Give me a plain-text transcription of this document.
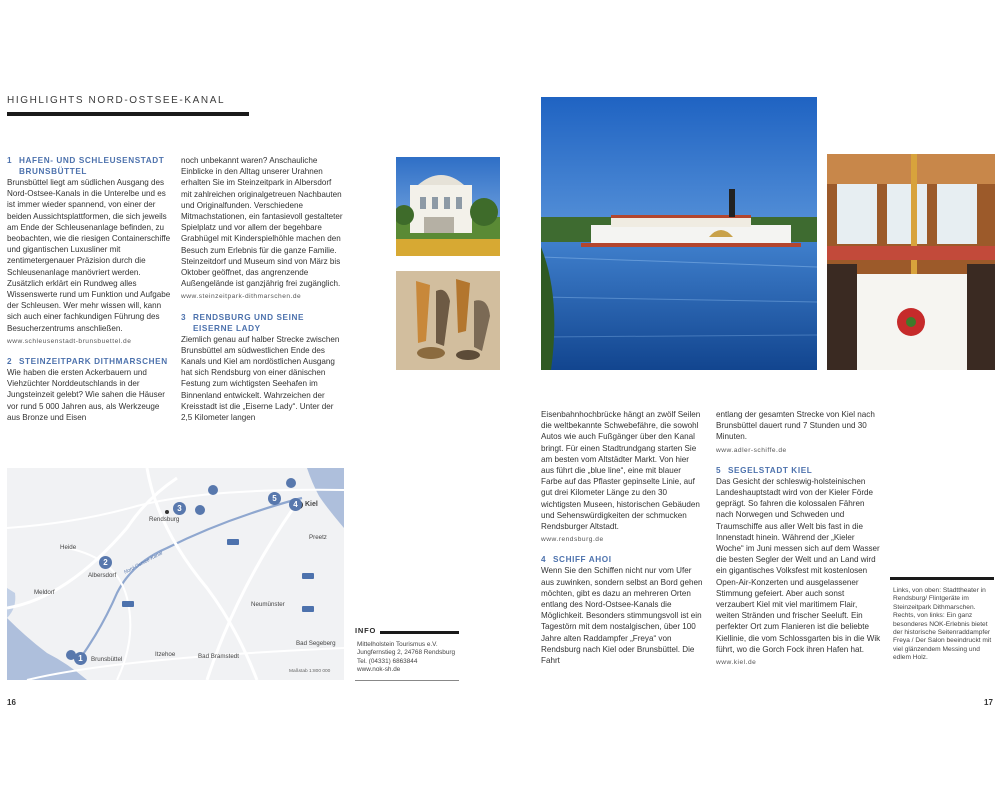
HIGHLIGHTS NORD-OSTSEE-KANAL
1 HAFEN- UND SCHLEUSENSTADT
BRUNSBÜTTEL

Brunsbüttel liegt am südlichen Ausgang des Nord-Ostsee-Kanals in die Unterelbe und es ist immer wieder spannend, von einer der beiden Aussichtsplattformen, die sich jeweils am Ende der Schleusenanlage befinden, zu beobachten, wie die riesigen Containerschiffe und gigantischen Luxusliner mit zentimetergenauer Präzision durch die Schleusenanlage manövriert werden. Zusätzlich erklärt ein Rundweg alles Wissenswerte rund um Funktion und Aufgabe der Schleusen. Wer mehr wissen will, kann sich auch einer fachkundigen Führung des Besucherzentrums anschließen.

www.schleusenstadt-brunsbuettel.de

2 STEINZEITPARK DITHMARSCHEN

Wie haben die ersten Ackerbauern und Viehzüchter Norddeutschlands in der Jungsteinzeit gelebt? Wie sahen die Häuser vor rund 5 000 Jahren aus, als Werkzeuge aus Bronze und Eisen

noch unbekannt waren? Anschauliche Einblicke in den Alltag unserer Urahnen erhalten Sie im Steinzeitpark in Albersdorf mit zahlreichen originalgetreuen Nachbauten und Originalfunden. Verschiedene Mitmachstationen, ein fantasievoll gestalteter Spielplatz und vor allem der begehbare Grabhügel mit Kinderspielhöhle machen den Besuch zum Erlebnis für die ganze Familie. Steinzeitdorf und Museum sind von März bis Oktober geöffnet, das angrenzende Außengelände ist ganzjährig frei zugänglich.

www.steinzeitpark-dithmarschen.de

3 RENDSBURG UND SEINE
EISERNE LADY

Ziemlich genau auf halber Strecke zwischen Brunsbüttel am südwestlichen Ende des Kanals und Kiel am nordöstlichen Ausgang hat sich Rendsburg von einer dänischen Festung zum wichtigsten Seehafen im Binnenland entwickelt. Wahrzeichen der Kreisstadt ist die „Eiserne Lady“. Unter der 2,5 Kilometer langen

1
2
3	4
5
Kiel
Rendsburg
Heide
Albersdorf
Meldorf
Neumünster
Brunsbüttel
Itzehoe	Bad Bramstedt
Bad Segeberg
Preetz
Nord-Ostsee-Kanal
Maßstab 1:800 000

Eisenbahnhochbrücke hängt an zwölf Seilen die weltbekannte Schwebefähre, die sowohl Autos wie auch Fußgänger über den Kanal bringt. Für einen Stadtrundgang starten Sie am besten vom Altstädter Markt. Von hier aus führt die „blue line“, eine mit blauer Farbe auf das Pflaster gepinselte Linie, auf gut drei Kilometer Länge zu den 30 wichtigsten Museen, historischen Gebäuden und Sehenswürdigkeiten der schmucken Rendsburger Altstadt.

www.rendsburg.de

4 SCHIFF AHOI

Wenn Sie den Schiffen nicht nur vom Ufer aus zuwinken, sondern selbst an Bord gehen möchten, gibt es dazu an mehreren Orten entlang des Nord-Ostsee-Kanals die Möglichkeit. Besonders stimmungsvoll ist ein Tagestörn mit dem nostalgischen, über 100 Jahre alten Raddampfer „Freya“ von Rendsburg nach Kiel oder Brunsbüttel. Die Fahrt

entlang der gesamten Strecke von Kiel nach Brunsbüttel dauert rund 7 Stunden und 30 Minuten.

www.adler-schiffe.de

5 SEGELSTADT KIEL

Das Gesicht der schleswig-holsteinischen Landeshauptstadt wird von der Kieler Förde geprägt. So fahren die kolossalen Fähren nach Norwegen und Schweden und Traumschiffe aus aller Welt bis fast in die Innenstadt hinein. Während der „Kieler Woche“ im Juni messen sich auf dem Wasser die besten Segler der Welt und an Land wird ein gigantisches Volksfest mit kostenlosen Open-Air-Konzerten und ausgelassener Stimmung gefeiert. Aber auch sonst verzaubert Kiel mit viel maritimem Flair, weiten Stränden und frischer Seeluft. Ein perfekter Ort zum Flanieren ist die beliebte Kiellinie, die vom Schlossgarten bis in die Wik führt, wo die Gorch Fock ihren Hafen hat.

www.kiel.de

INFO
Mittelholstein Tourismus e.V.
Jungfernstieg 2, 24768 Rendsburg
Tel. (04331) 6863844
www.nok-sh.de
Links, von oben: Stadttheater in Rendsburg/ Flintgeräte im Steinzeitpark Dithmarschen. Rechts, von links: Ein ganz besonderes NOK-Erlebnis bietet der historische Seitenraddampfer Freya / Der Salon beeindruckt mit viel glänzendem Messing und edlem Holz.
16	17
